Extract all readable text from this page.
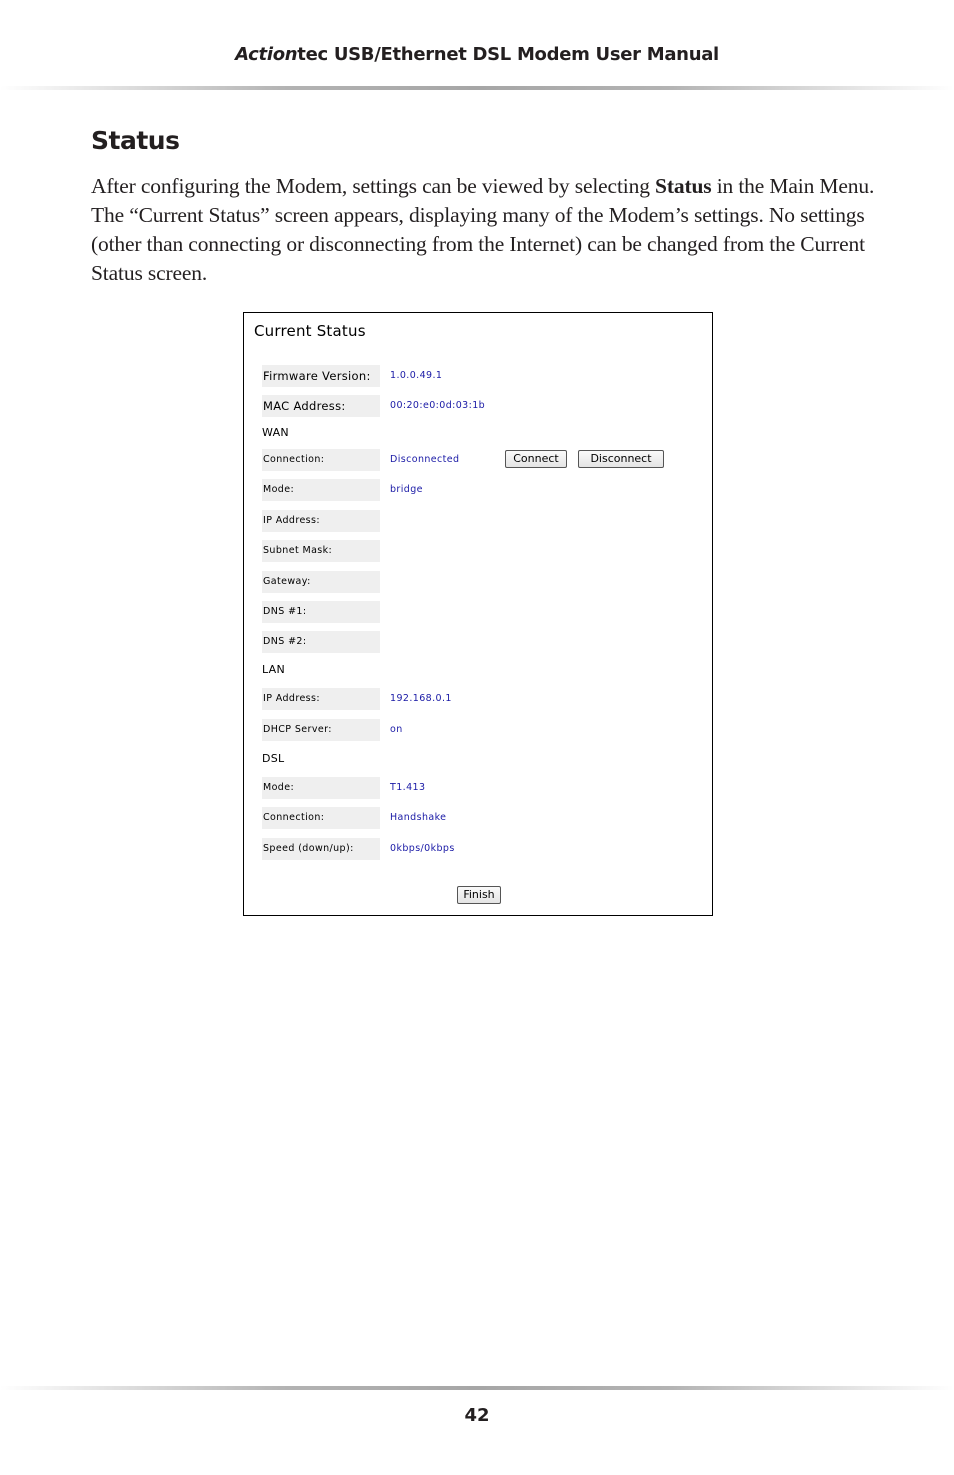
Actiontec USB/Ethernet DSL Modem User Manual
Status

After configuring the Modem, settings can be viewed by selecting Status in the Main Menu. The “Current Status” screen appears, displaying many of the Modem’s settings. No settings (other than connecting or disconnecting from the Internet) can be changed from the Current Status screen.

Current Status
Firmware Version:	1.0.0.49.1
MAC Address:	00:20:e0:0d:03:1b
WAN
Connection:	Disconnected	Connect	Disconnect
Mode:	bridge
IP Address:
Subnet Mask:
Gateway:
DNS #1:
DNS #2:
LAN
IP Address:	192.168.0.1
DHCP Server:	on
DSL
Mode:	T1.413
Connection:	Handshake
Speed (down/up):	0kbps/0kbps
Finish
42
